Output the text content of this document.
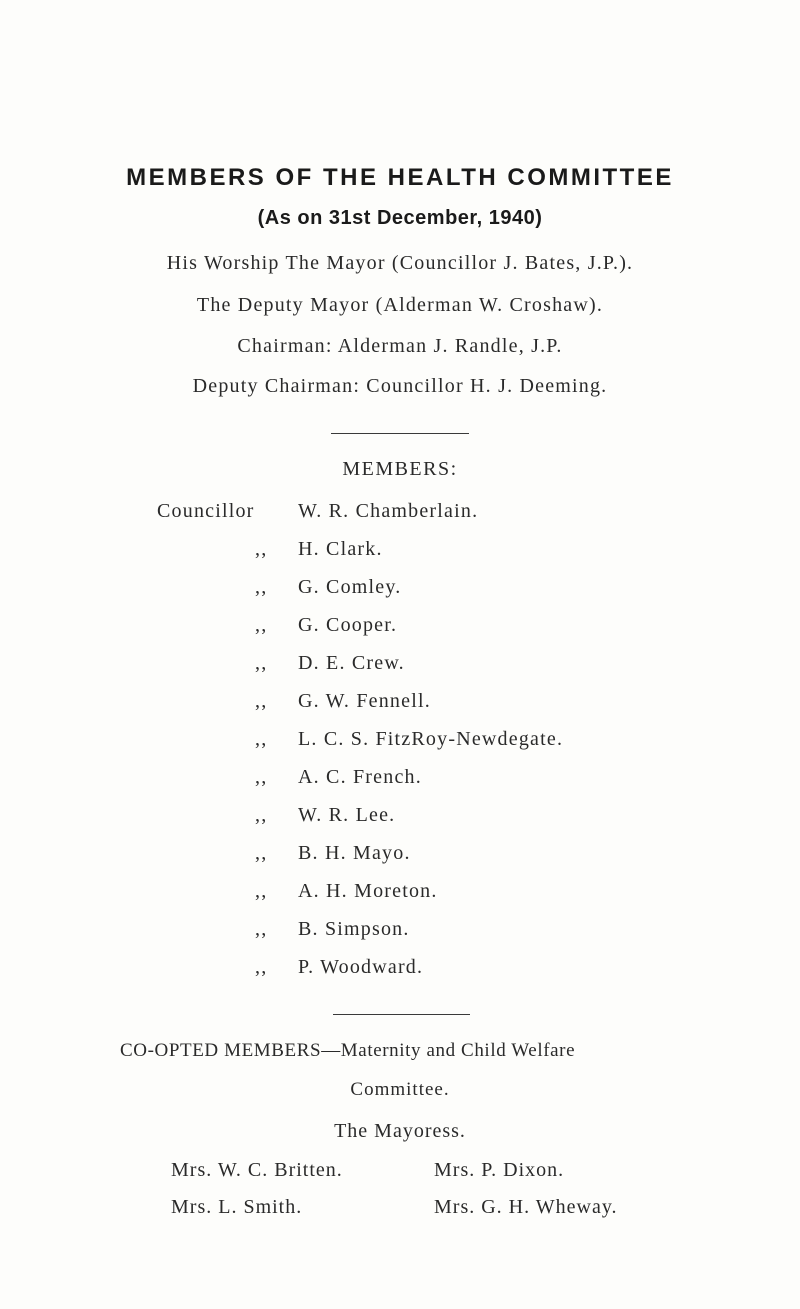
MEMBERS OF THE HEALTH COMMITTEE
(As on 31st December, 1940)
His Worship The Mayor (Councillor J. Bates, J.P.).
The Deputy Mayor (Alderman W. Croshaw).
Chairman: Alderman J. Randle, J.P.
Deputy Chairman: Councillor H. J. Deeming.
MEMBERS:
Councillor W. R. Chamberlain.
,, H. Clark.
,, G. Comley.
,, G. Cooper.
,, D. E. Crew.
,, G. W. Fennell.
,, L. C. S. FitzRoy-Newdegate.
,, A. C. French.
,, W. R. Lee.
,, B. H. Mayo.
,, A. H. Moreton.
,, B. Simpson.
,, P. Woodward.
CO-OPTED MEMBERS—Maternity and Child Welfare
Committee.
The Mayoress.
Mrs. W. C. Britten.	Mrs. P. Dixon.
Mrs. L. Smith.	Mrs. G. H. Wheway.
